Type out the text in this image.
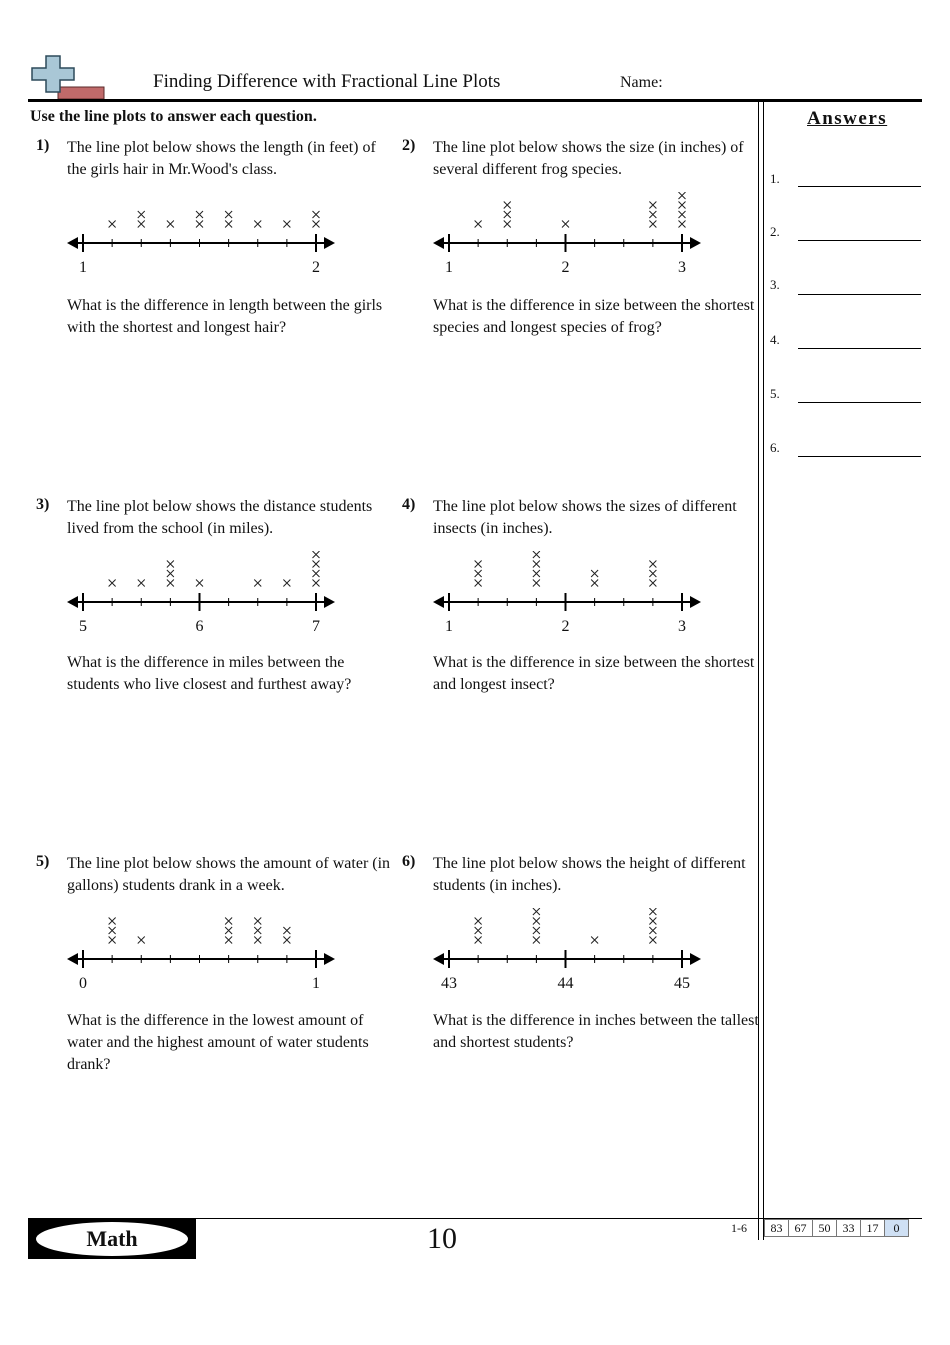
Finding Difference with Fractional Line Plots	Name:
Use the line plots to answer each question.	Answers
1.
2.
3.
4.
5.
6.
1) The line plot below shows the length (in feet) of the girls hair in Mr.Wood's class.
1	2
What is the difference in length between the girls with the shortest and longest hair?
2) The line plot below shows the size (in inches) of several different frog species.
1	2	3
What is the difference in size between the shortest species and longest species of frog?
3) The line plot below shows the distance students lived from the school (in miles).
5	6	7
What is the difference in miles between the students who live closest and furthest away?
4) The line plot below shows the sizes of different insects (in inches).
1	2	3
What is the difference in size between the shortest and longest insect?
5) The line plot below shows the amount of water (in gallons) students drank in a week.
0	1
What is the difference in the lowest amount of water and the highest amount of water students drank?
6) The line plot below shows the height of different students (in inches).
43	44	45
What is the difference in inches between the tallest and shortest students?
Math	10	1-6 83	67	50	33	17	0
